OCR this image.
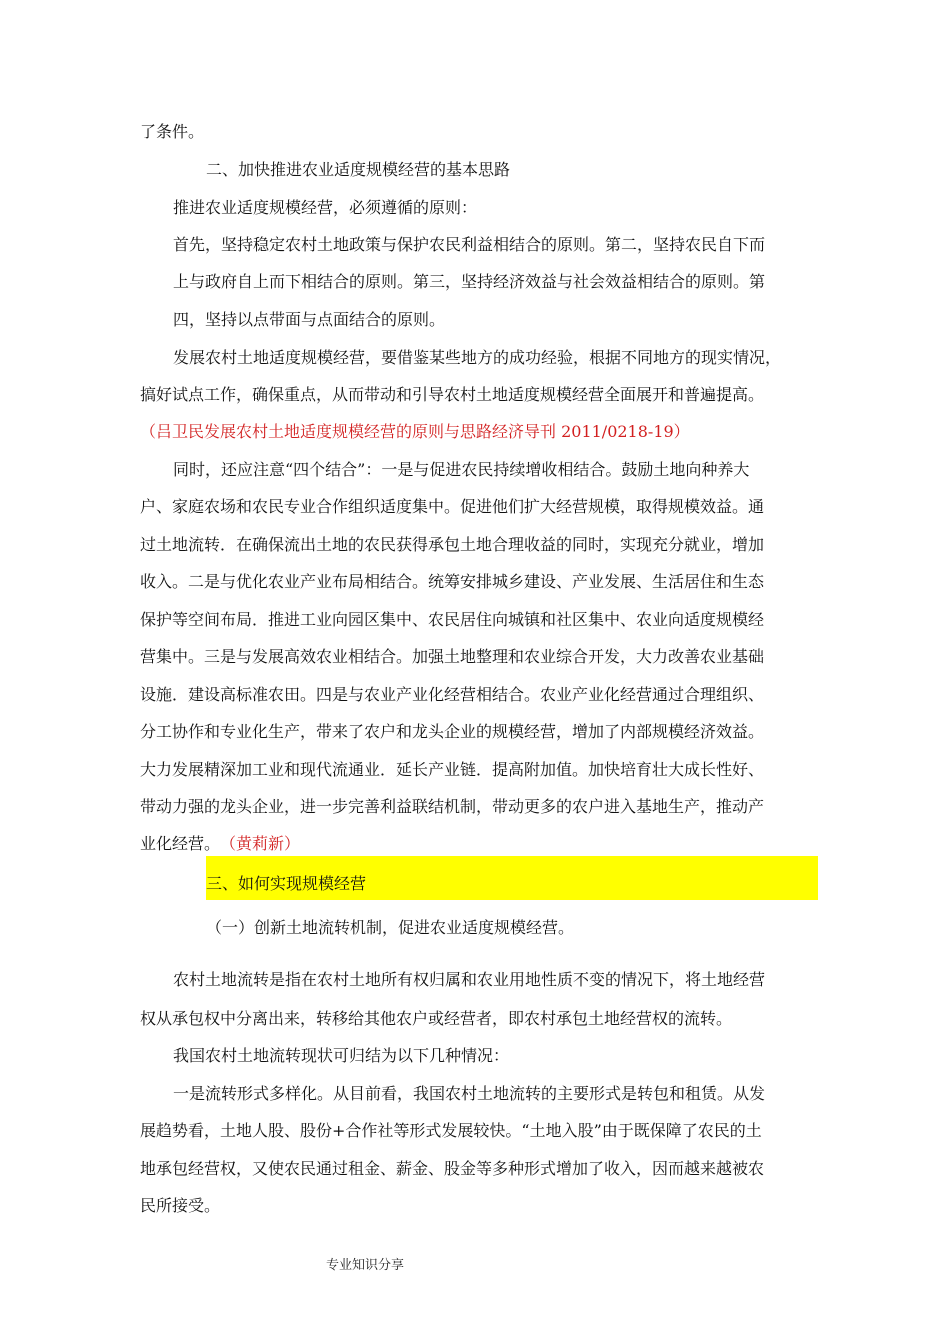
了条件。
二、加快推进农业适度规模经营的基本思路
推进农业适度规模经营，必须遵循的原则：
首先，坚持稳定农村土地政策与保护农民利益相结合的原则。第二，坚持农民自下而
上与政府自上而下相结合的原则。第三，坚持经济效益与社会效益相结合的原则。第
四，坚持以点带面与点面结合的原则。
发展农村土地适度规模经营，要借鉴某些地方的成功经验，根据不同地方的现实情况，
搞好试点工作，确保重点，从而带动和引导农村土地适度规模经营全面展开和普遍提高。
（吕卫民发展农村土地适度规模经营的原则与思路经济导刊 2011/0218-19）
同时，还应注意“四个结合”：一是与促进农民持续增收相结合。鼓励土地向种养大
户、家庭农场和农民专业合作组织适度集中。促进他们扩大经营规模，取得规模效益。通
过土地流转．在确保流出土地的农民获得承包土地合理收益的同时，实现充分就业，增加
收入。二是与优化农业产业布局相结合。统筹安排城乡建设、产业发展、生活居住和生态
保护等空间布局．推进工业向园区集中、农民居住向城镇和社区集中、农业向适度规模经
营集中。三是与发展高效农业相结合。加强土地整理和农业综合开发，大力改善农业基础
设施．建设高标准农田。四是与农业产业化经营相结合。农业产业化经营通过合理组织、
分工协作和专业化生产，带来了农户和龙头企业的规模经营，增加了内部规模经济效益。
大力发展精深加工业和现代流通业．延长产业链．提高附加值。加快培育壮大成长性好、
带动力强的龙头企业，进一步完善利益联结机制，带动更多的农户进入基地生产，推动产
业化经营。 （黄莉新）
三、如何实现规模经营
（一）创新土地流转机制，促进农业适度规模经营。
农村土地流转是指在农村土地所有权归属和农业用地性质不变的情况下，将土地经营
权从承包权中分离出来，转移给其他农户或经营者，即农村承包土地经营权的流转。
我国农村土地流转现状可归结为以下几种情况：
一是流转形式多样化。从目前看，我国农村土地流转的主要形式是转包和租赁。从发
展趋势看，土地人股、股份+合作社等形式发展较快。“土地入股”由于既保障了农民的土
地承包经营权，又使农民通过租金、薪金、股金等多种形式增加了收入，因而越来越被农
民所接受。
专业知识分享
